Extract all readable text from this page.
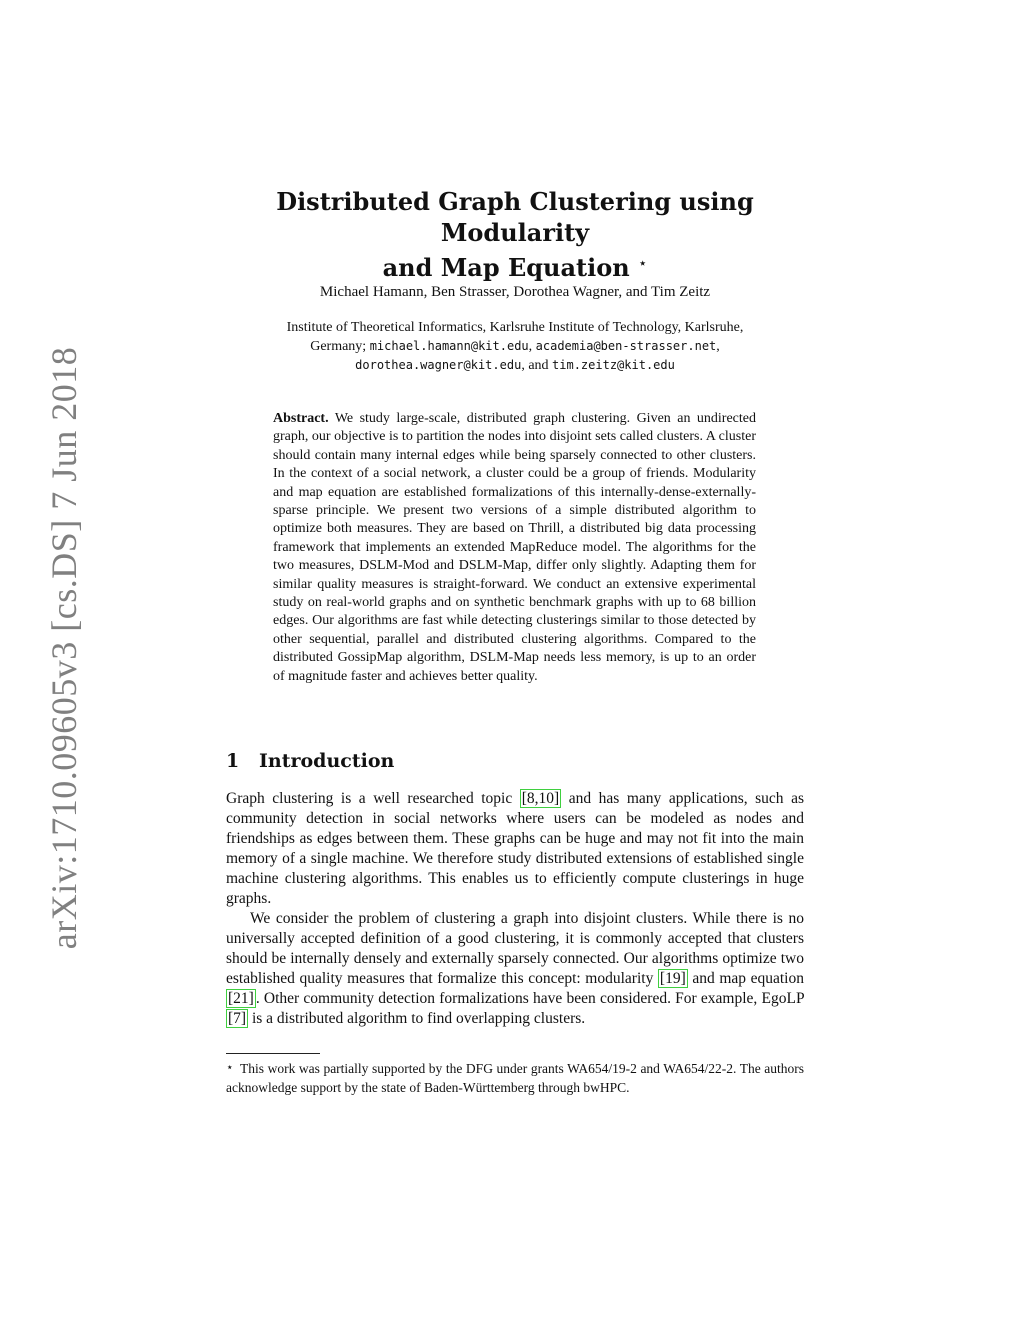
arXiv:1710.09605v3 [cs.DS] 7 Jun 2018
Distributed Graph Clustering using Modularity
and Map Equation ⋆
Michael Hamann, Ben Strasser, Dorothea Wagner, and Tim Zeitz
Institute of Theoretical Informatics, Karlsruhe Institute of Technology, Karlsruhe,
Germany; michael.hamann@kit.edu, academia@ben-strasser.net,
dorothea.wagner@kit.edu, and tim.zeitz@kit.edu
Abstract. We study large-scale, distributed graph clustering. Given an undirected graph, our objective is to partition the nodes into disjoint sets called clusters. A cluster should contain many internal edges while being sparsely connected to other clusters. In the context of a social network, a cluster could be a group of friends. Modularity and map equation are established formalizations of this internally-dense-externally-sparse principle. We present two versions of a simple distributed algorithm to optimize both measures. They are based on Thrill, a distributed big data processing framework that implements an extended MapReduce model. The algorithms for the two measures, DSLM-Mod and DSLM-Map, differ only slightly. Adapting them for similar quality measures is straight-forward. We conduct an extensive experimental study on real-world graphs and on synthetic benchmark graphs with up to 68 billion edges. Our algorithms are fast while detecting clusterings similar to those detected by other sequential, parallel and distributed clustering algorithms. Compared to the distributed GossipMap algorithm, DSLM-Map needs less memory, is up to an order of magnitude faster and achieves better quality.
1 Introduction
Graph clustering is a well researched topic [8,10] and has many applications, such as community detection in social networks where users can be modeled as nodes and friendships as edges between them. These graphs can be huge and may not fit into the main memory of a single machine. We therefore study distributed extensions of established single machine clustering algorithms. This enables us to efficiently compute clusterings in huge graphs.
We consider the problem of clustering a graph into disjoint clusters. While there is no universally accepted definition of a good clustering, it is commonly accepted that clusters should be internally densely and externally sparsely connected. Our algorithms optimize two established quality measures that formalize this concept: modularity [19] and map equation [21] . Other community detection formalizations have been considered. For example, EgoLP [7] is a distributed algorithm to find overlapping clusters.
⋆ This work was partially supported by the DFG under grants WA654/19-2 and WA654/22-2. The authors acknowledge support by the state of Baden-Württemberg through bwHPC.
